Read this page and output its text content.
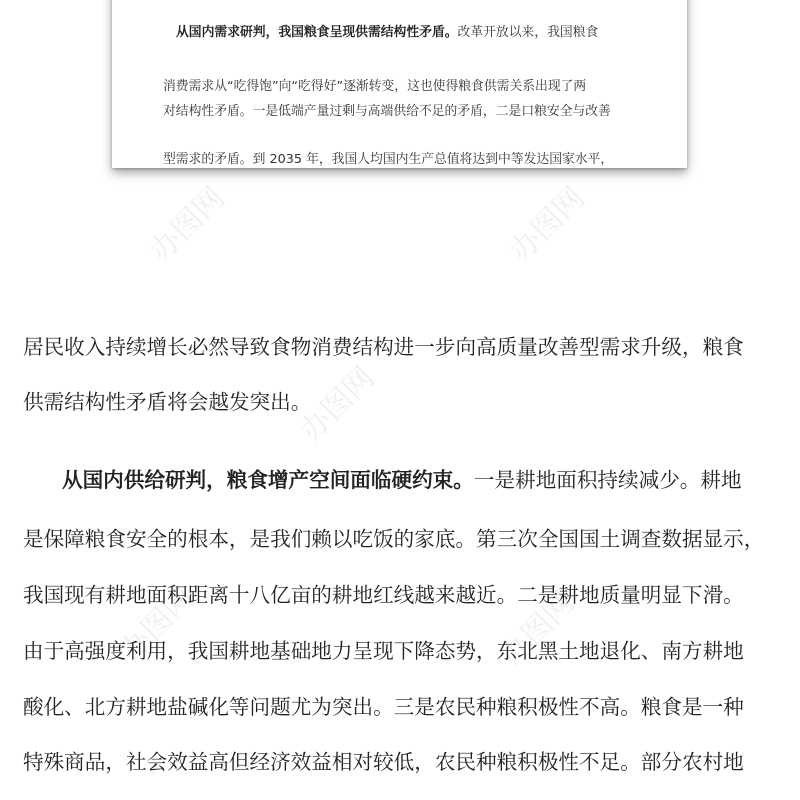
从国内需求研判，我国粮食呈现供需结构性矛盾。改革开放以来，我国粮食
消费需求从“吃得饱”向“吃得好”逐渐转变，这也使得粮食供需关系出现了两
对结构性矛盾。一是低端产量过剩与高端供给不足的矛盾，二是口粮安全与改善
型需求的矛盾。到 2035 年，我国人均国内生产总值将达到中等发达国家水平，
居民收入持续增长必然导致食物消费结构进一步向高质量改善型需求升级，粮食
供需结构性矛盾将会越发突出。
从国内供给研判，粮食增产空间面临硬约束。一是耕地面积持续减少。耕地
是保障粮食安全的根本，是我们赖以吃饭的家底。第三次全国国土调查数据显示，
我国现有耕地面积距离十八亿亩的耕地红线越来越近。二是耕地质量明显下滑。
由于高强度利用，我国耕地基础地力呈现下降态势，东北黑土地退化、南方耕地
酸化、北方耕地盐碱化等问题尤为突出。三是农民种粮积极性不高。粮食是一种
特殊商品，社会效益高但经济效益相对较低，农民种粮积极性不足。部分农村地
办图网	办图网
办图网
办图网	办图网
